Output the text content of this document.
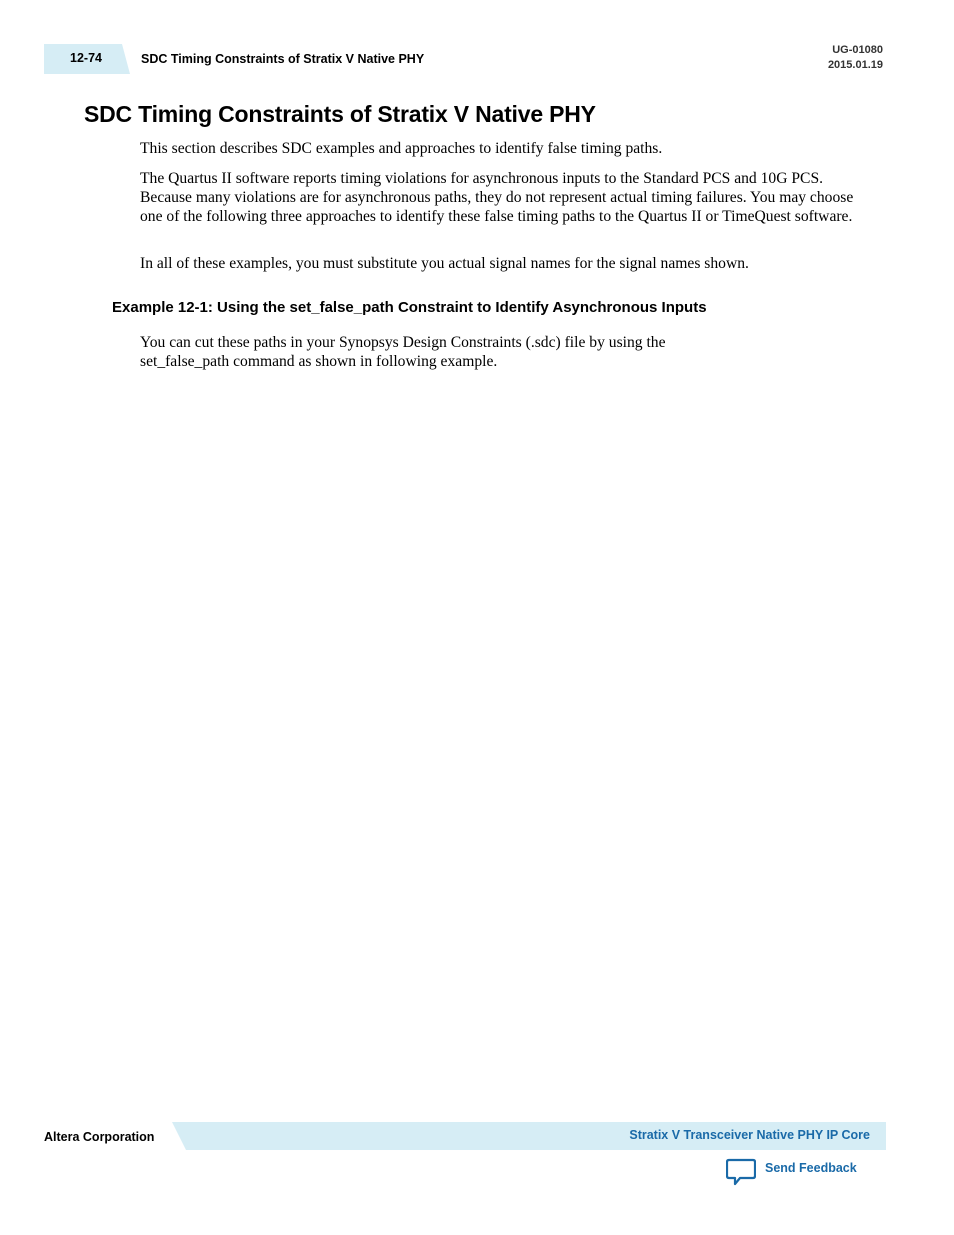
12-74	SDC Timing Constraints of Stratix V Native PHY
UG-01080
2015.01.19
SDC Timing Constraints of Stratix V Native PHY

This section describes SDC examples and approaches to identify false timing paths.

The Quartus II software reports timing violations for asynchronous inputs to the Standard PCS and 10G PCS. Because many violations are for asynchronous paths, they do not represent actual timing failures. You may choose one of the following three approaches to identify these false timing paths to the Quartus II or TimeQuest software.

In all of these examples, you must substitute you actual signal names for the signal names shown.

Example 12-1: Using the set_false_path Constraint to Identify Asynchronous Inputs

You can cut these paths in your Synopsys Design Constraints (.sdc) file by using the set_false_path command as shown in following example.

Altera Corporation	Stratix V Transceiver Native PHY IP Core
Send Feedback
